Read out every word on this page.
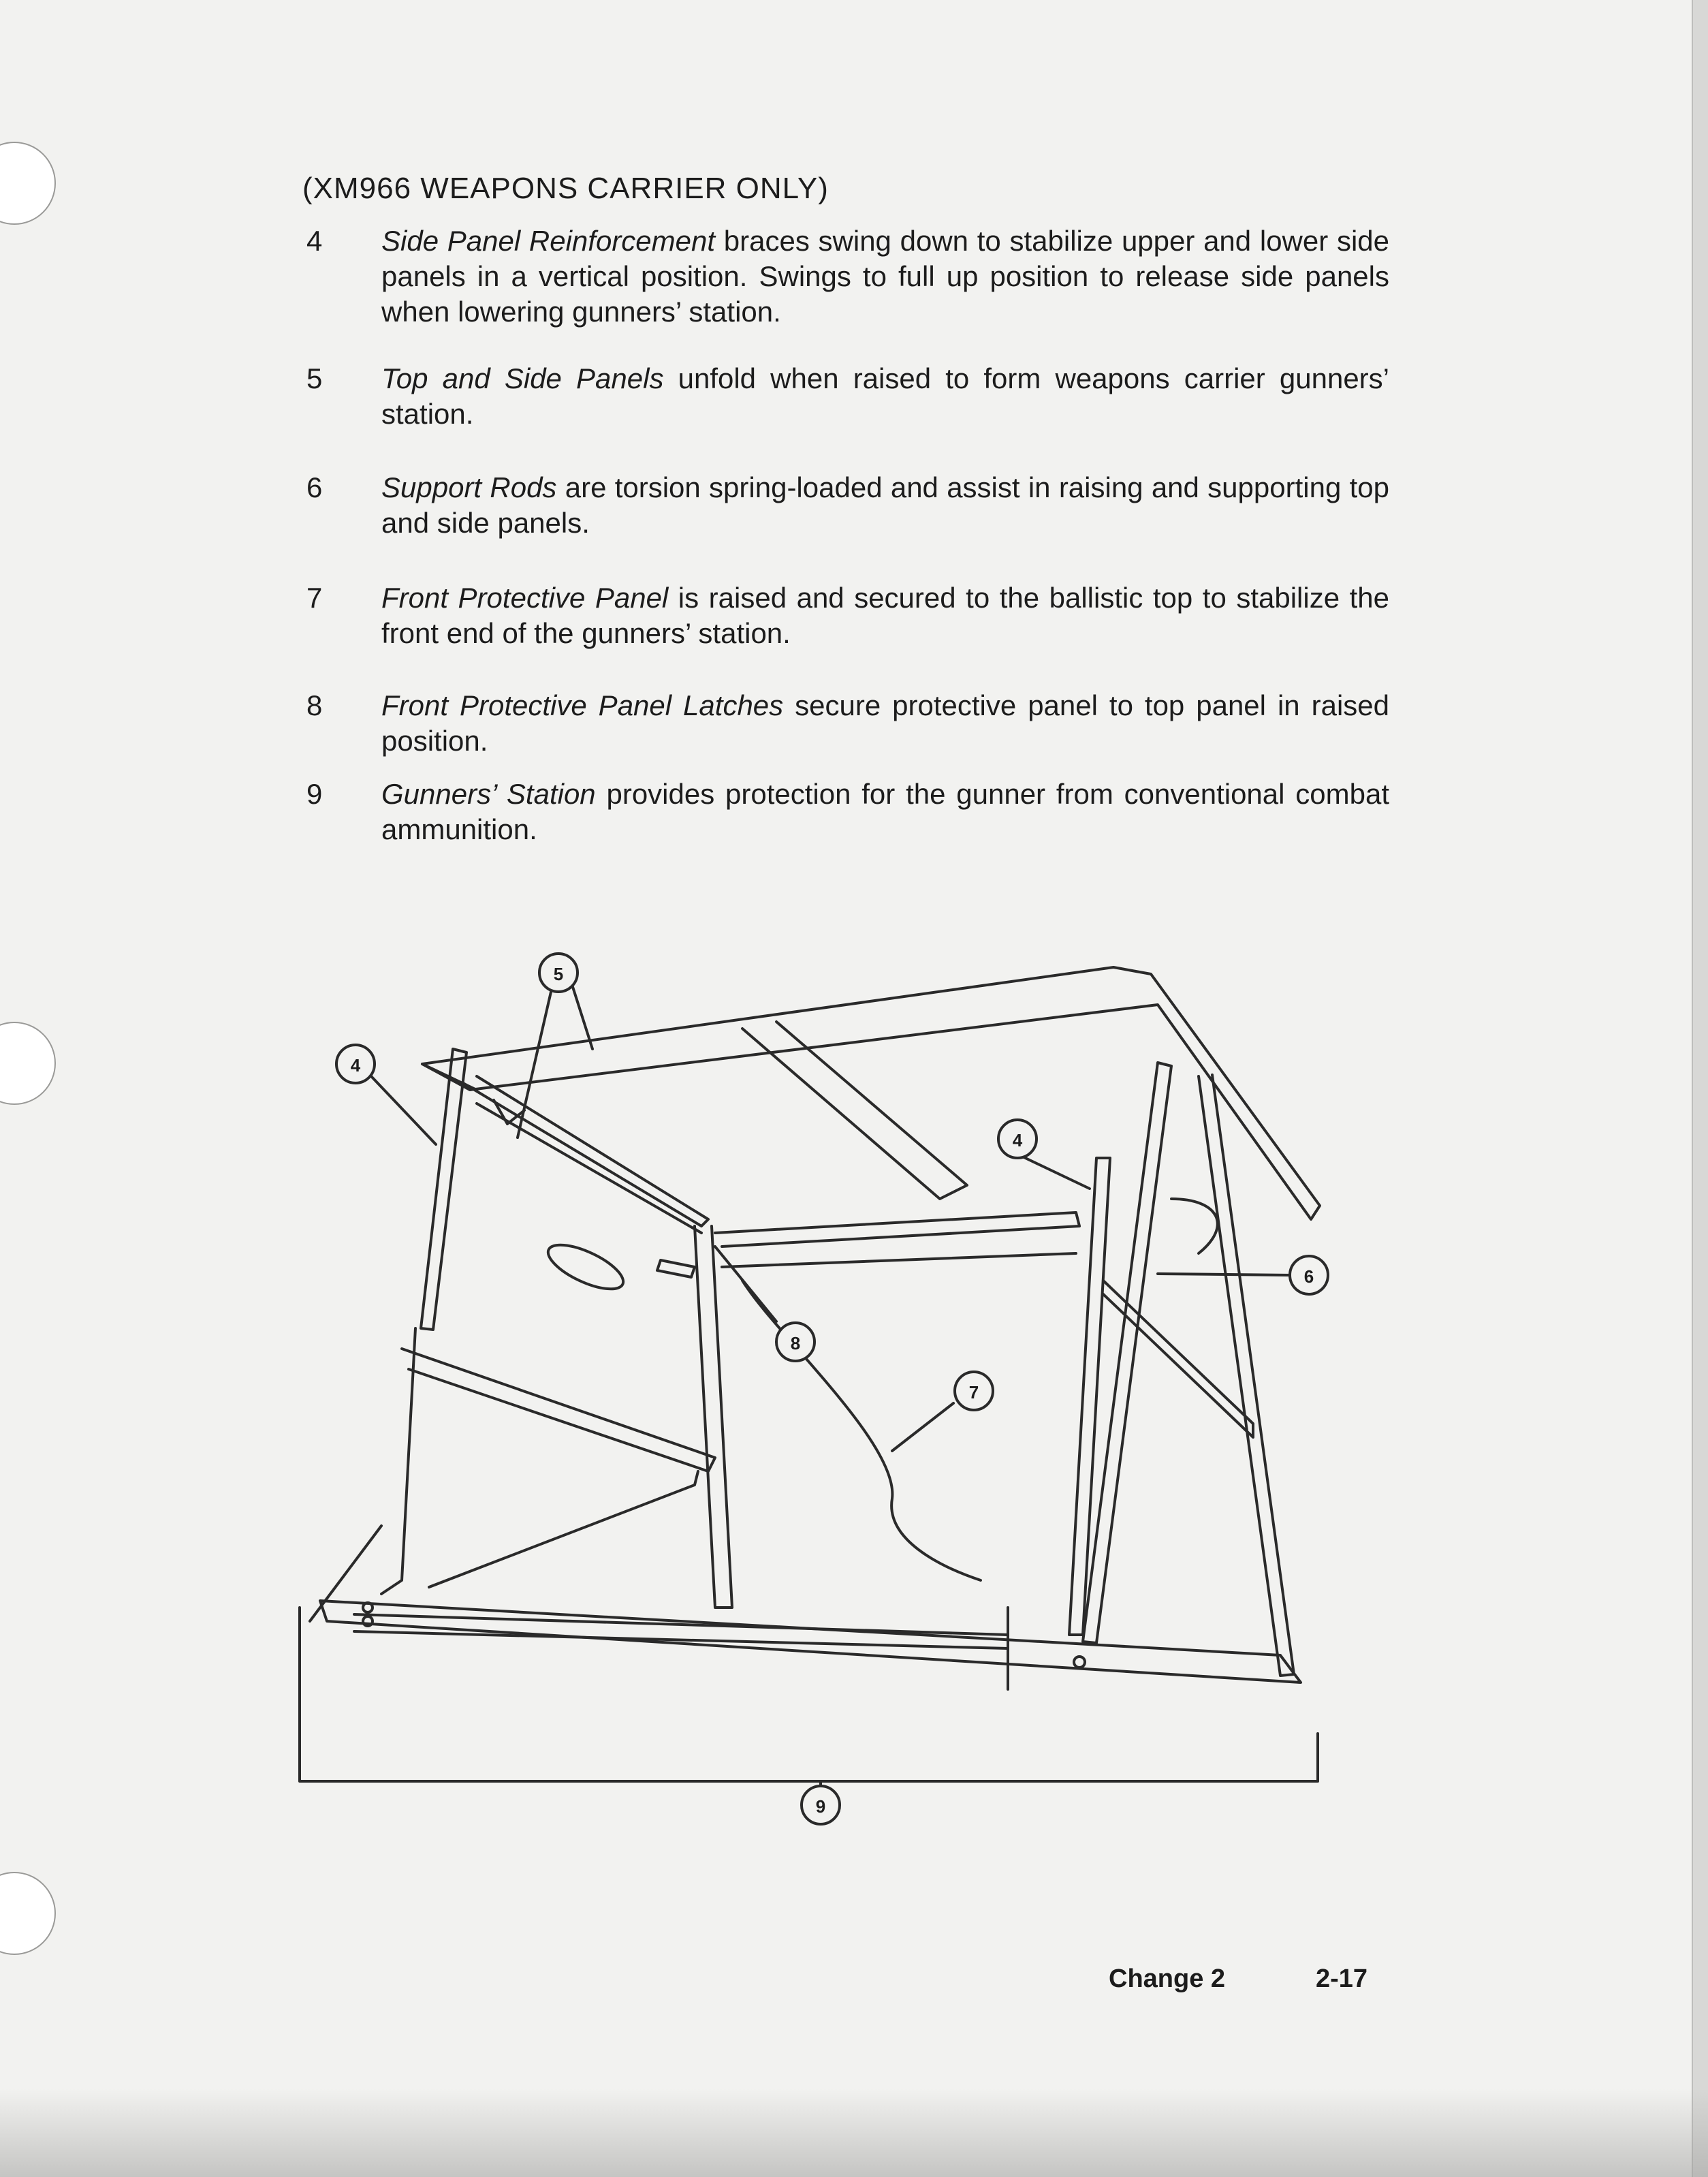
(XM966 WEAPONS CARRIER ONLY)
4	Side Panel Reinforcement braces swing down to stabilize upper and lower side panels in a vertical position. Swings to full up position to release side panels when lowering gunners’ station.
5	Top and Side Panels unfold when raised to form weapons carrier gunners’ station.
6	Support Rods are torsion spring-loaded and assist in raising and supporting top and side panels.
7	Front Protective Panel is raised and secured to the ballistic top to stabilize the front end of the gunners’ station.
8	Front Protective Panel Latches secure protective panel to top panel in raised position.
9	Gunners’ Station provides protection for the gunner from conventional combat ammunition.
5
4
4
6
8
7
9
Change 2	2-17
